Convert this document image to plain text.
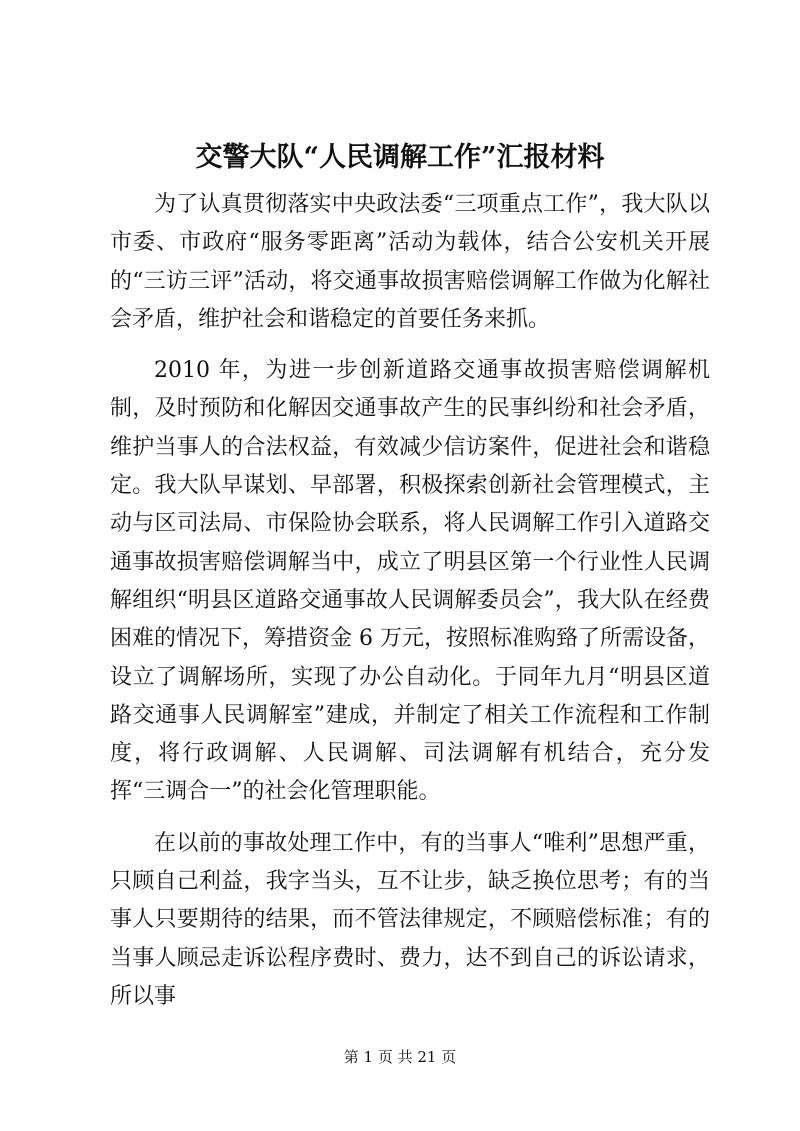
交警大队“人民调解工作”汇报材料

为了认真贯彻落实中央政法委“三项重点工作”，我大队以市委、市政府“服务零距离”活动为载体，结合公安机关开展的“三访三评”活动，将交通事故损害赔偿调解工作做为化解社会矛盾，维护社会和谐稳定的首要任务来抓。

2010 年，为进一步创新道路交通事故损害赔偿调解机制，及时预防和化解因交通事故产生的民事纠纷和社会矛盾，维护当事人的合法权益，有效减少信访案件，促进社会和谐稳定。我大队早谋划、早部署，积极探索创新社会管理模式，主动与区司法局、市保险协会联系，将人民调解工作引入道路交通事故损害赔偿调解当中，成立了明县区第一个行业性人民调解组织“明县区道路交通事故人民调解委员会”，我大队在经费困难的情况下，筹措资金 6 万元，按照标准购臵了所需设备，设立了调解场所，实现了办公自动化。于同年九月“明县区道路交通事人民调解室”建成，并制定了相关工作流程和工作制度，将行政调解、人民调解、司法调解有机结合，充分发挥“三调合一”的社会化管理职能。

在以前的事故处理工作中，有的当事人“唯利”思想严重，只顾自己利益，我字当头，互不让步，缺乏换位思考；有的当事人只要期待的结果，而不管法律规定，不顾赔偿标准；有的当事人顾忌走诉讼程序费时、费力，达不到自己的诉讼请求，所以事

第 1 页 共 21 页
